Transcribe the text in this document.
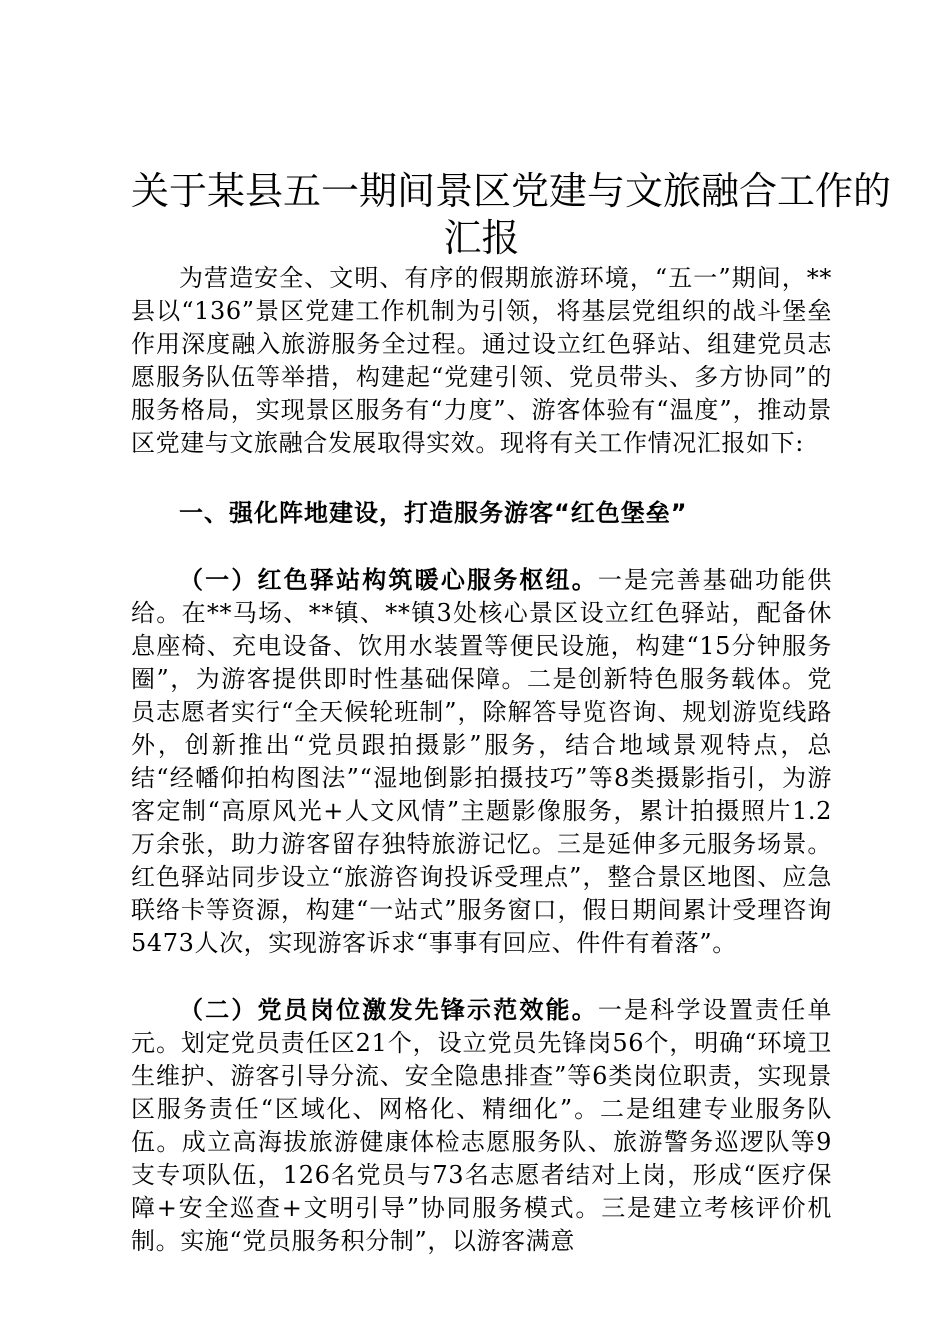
关于某县五一期间景区党建与文旅融合工作的
汇报

为营造安全、文明、有序的假期旅游环境，“五一”期间，**县以“136”景区党建工作机制为引领，将基层党组织的战斗堡垒作用深度融入旅游服务全过程。通过设立红色驿站、组建党员志愿服务队伍等举措，构建起“党建引领、党员带头、多方协同”的服务格局，实现景区服务有“力度”、游客体验有“温度”，推动景区党建与文旅融合发展取得实效。现将有关工作情况汇报如下:

一、强化阵地建设，打造服务游客“红色堡垒”

（一）红色驿站构筑暖心服务枢纽。一是完善基础功能供给。在**马场、**镇、**镇3处核心景区设立红色驿站，配备休息座椅、充电设备、饮用水装置等便民设施，构建“15分钟服务圈”，为游客提供即时性基础保障。二是创新特色服务载体。党员志愿者实行“全天候轮班制”，除解答导览咨询、规划游览线路外，创新推出“党员跟拍摄影”服务，结合地域景观特点，总结“经幡仰拍构图法”“湿地倒影拍摄技巧”等8类摄影指引，为游客定制“高原风光+人文风情”主题影像服务，累计拍摄照片1.2万余张，助力游客留存独特旅游记忆。三是延伸多元服务场景。红色驿站同步设立“旅游咨询投诉受理点”，整合景区地图、应急联络卡等资源，构建“一站式”服务窗口，假日期间累计受理咨询5473人次，实现游客诉求“事事有回应、件件有着落”。

（二）党员岗位激发先锋示范效能。一是科学设置责任单元。划定党员责任区21个，设立党员先锋岗56个，明确“环境卫生维护、游客引导分流、安全隐患排查”等6类岗位职责，实现景区服务责任“区域化、网格化、精细化”。二是组建专业服务队伍。成立高海拔旅游健康体检志愿服务队、旅游警务巡逻队等9支专项队伍，126名党员与73名志愿者结对上岗，形成“医疗保障+安全巡查+文明引导”协同服务模式。三是建立考核评价机制。实施“党员服务积分制”，以游客满意
